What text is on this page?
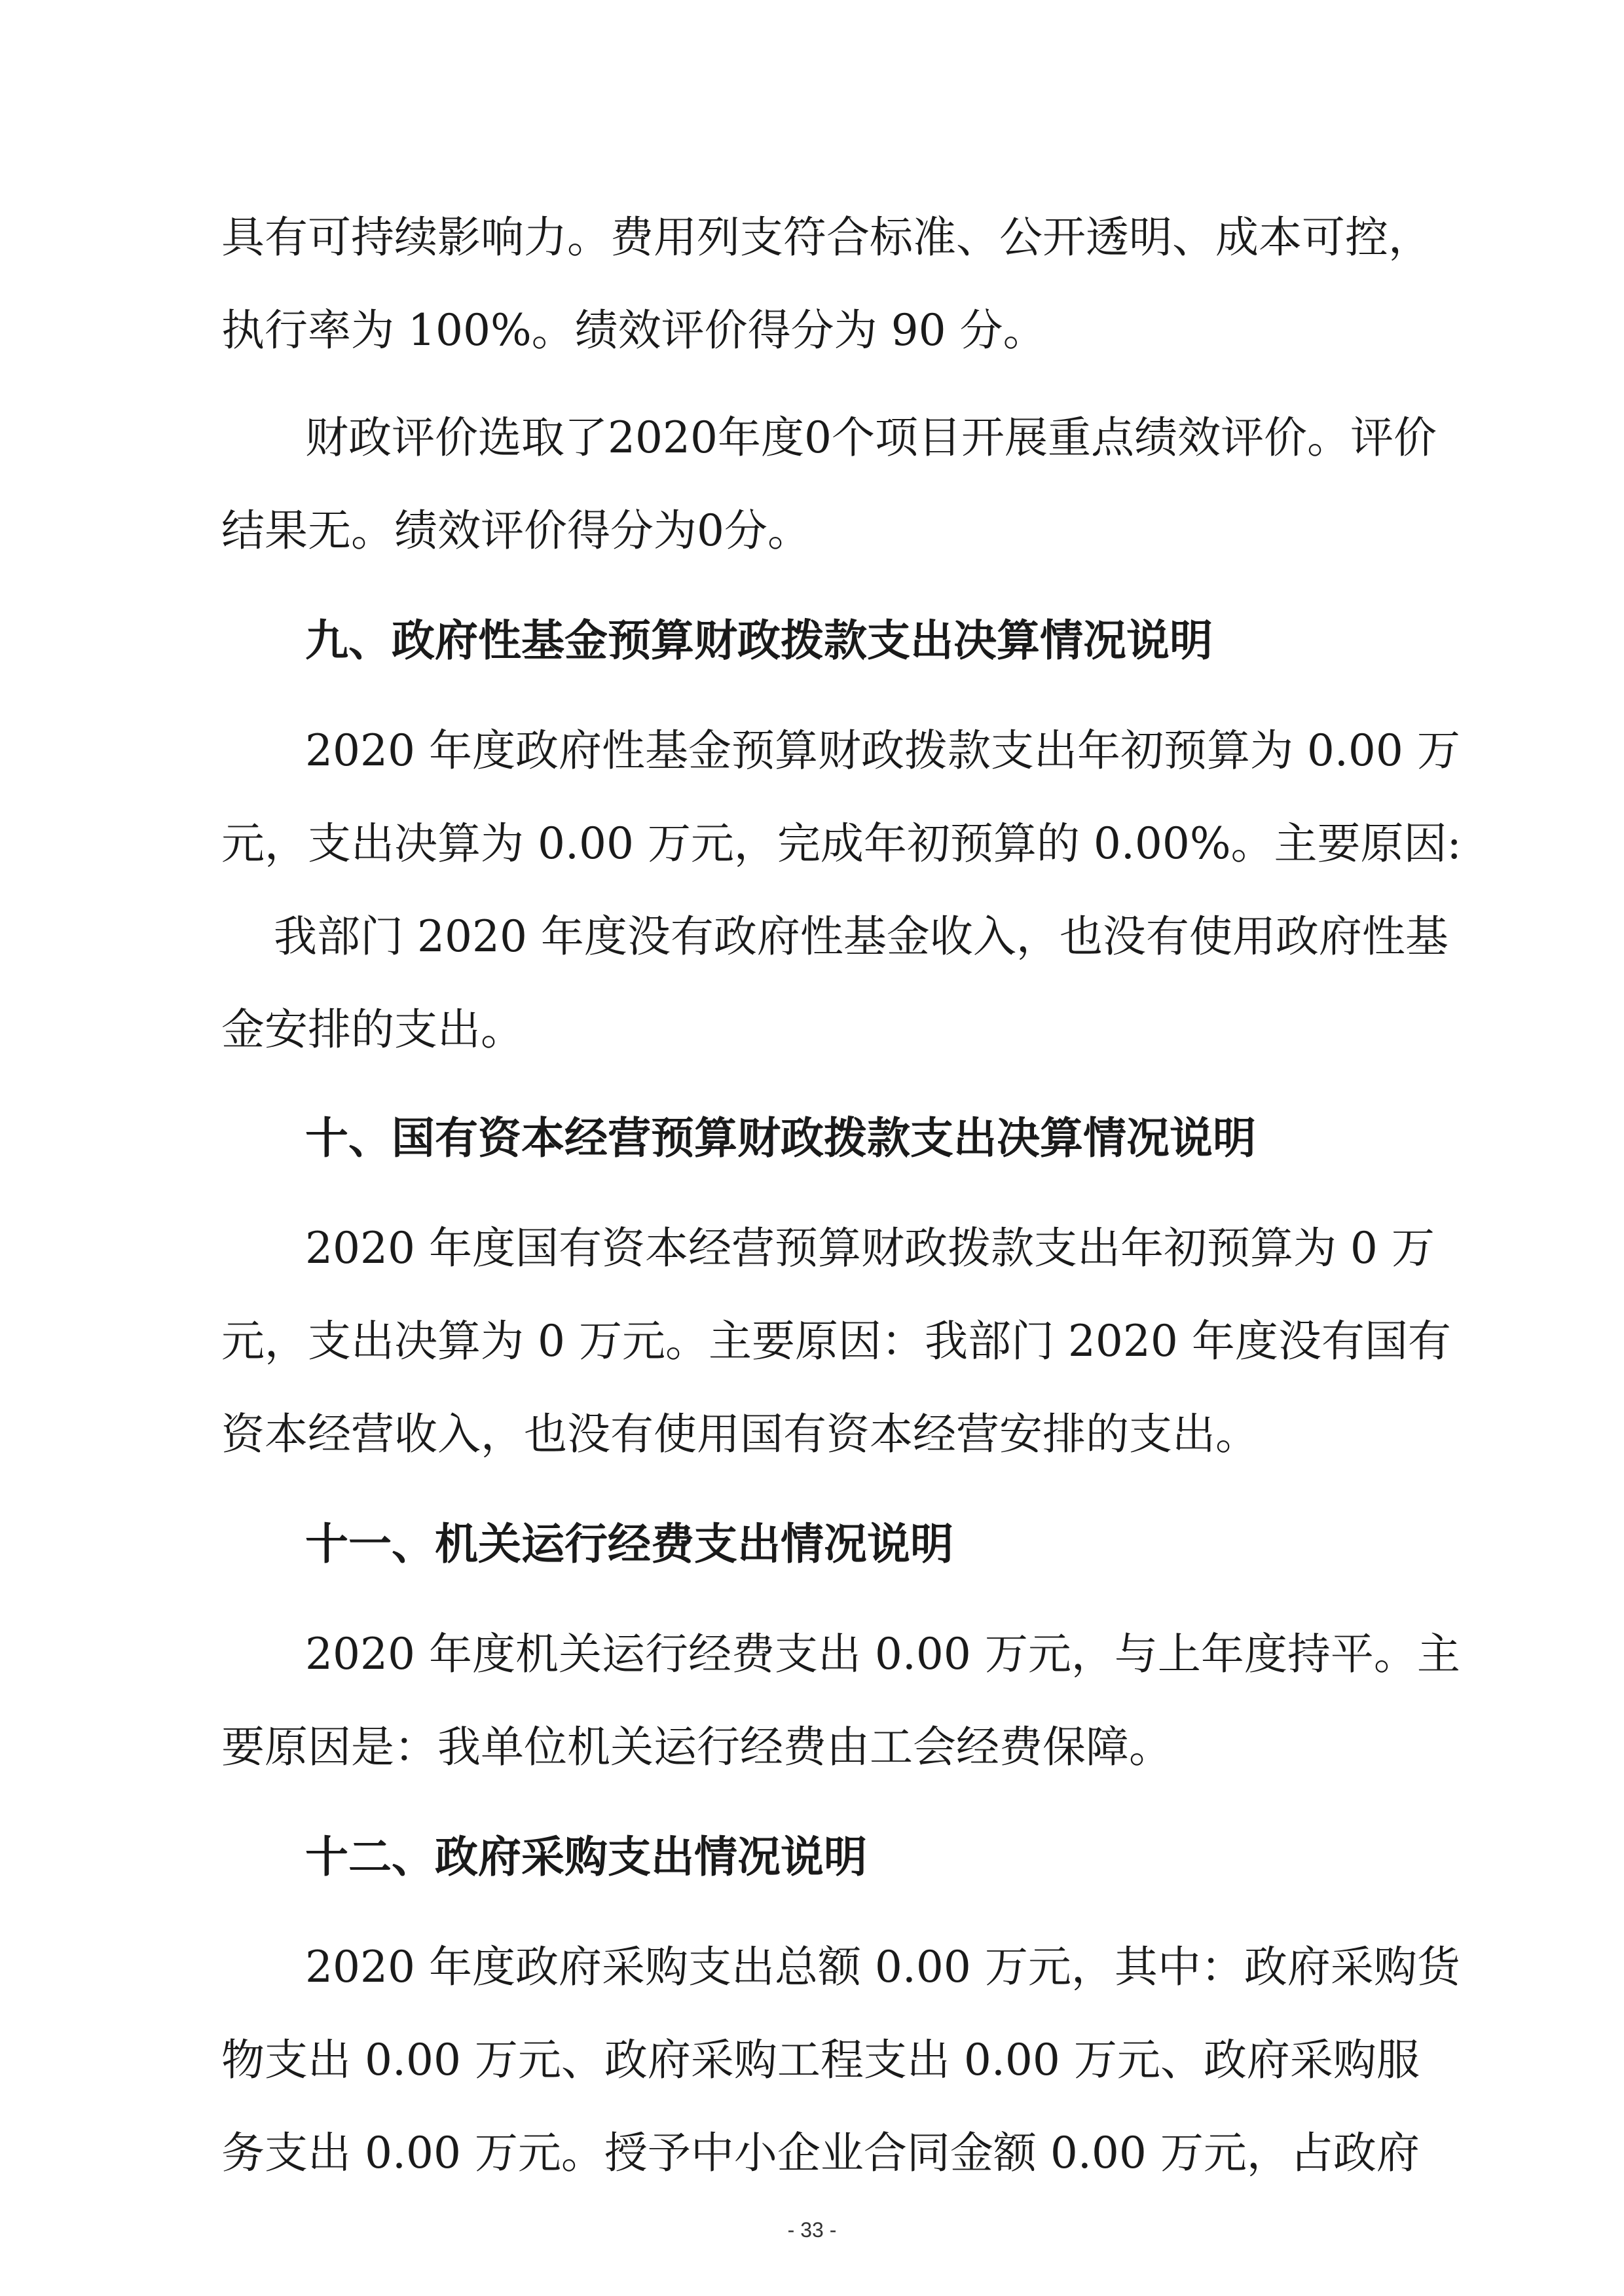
具有可持续影响力。费用列支符合标准、公开透明、成本可控，
执行率为 100%。绩效评价得分为 90 分。
财政评价选取了2020年度0个项目开展重点绩效评价。评价
结果无。绩效评价得分为0分。
九、政府性基金预算财政拨款支出决算情况说明
2020 年度政府性基金预算财政拨款支出年初预算为 0.00 万
元，支出决算为 0.00 万元，完成年初预算的 0.00%。主要原因:
我部门 2020 年度没有政府性基金收入，也没有使用政府性基
金安排的支出。
十、国有资本经营预算财政拨款支出决算情况说明
2020 年度国有资本经营预算财政拨款支出年初预算为 0 万
元，支出决算为 0 万元。主要原因：我部门 2020 年度没有国有
资本经营收入，也没有使用国有资本经营安排的支出。
十一、机关运行经费支出情况说明
2020 年度机关运行经费支出 0.00 万元，与上年度持平。主
要原因是：我单位机关运行经费由工会经费保障。
十二、政府采购支出情况说明
2020 年度政府采购支出总额 0.00 万元，其中：政府采购货
物支出 0.00 万元、政府采购工程支出 0.00 万元、政府采购服
务支出 0.00 万元。授予中小企业合同金额 0.00 万元，占政府
- 33 -
